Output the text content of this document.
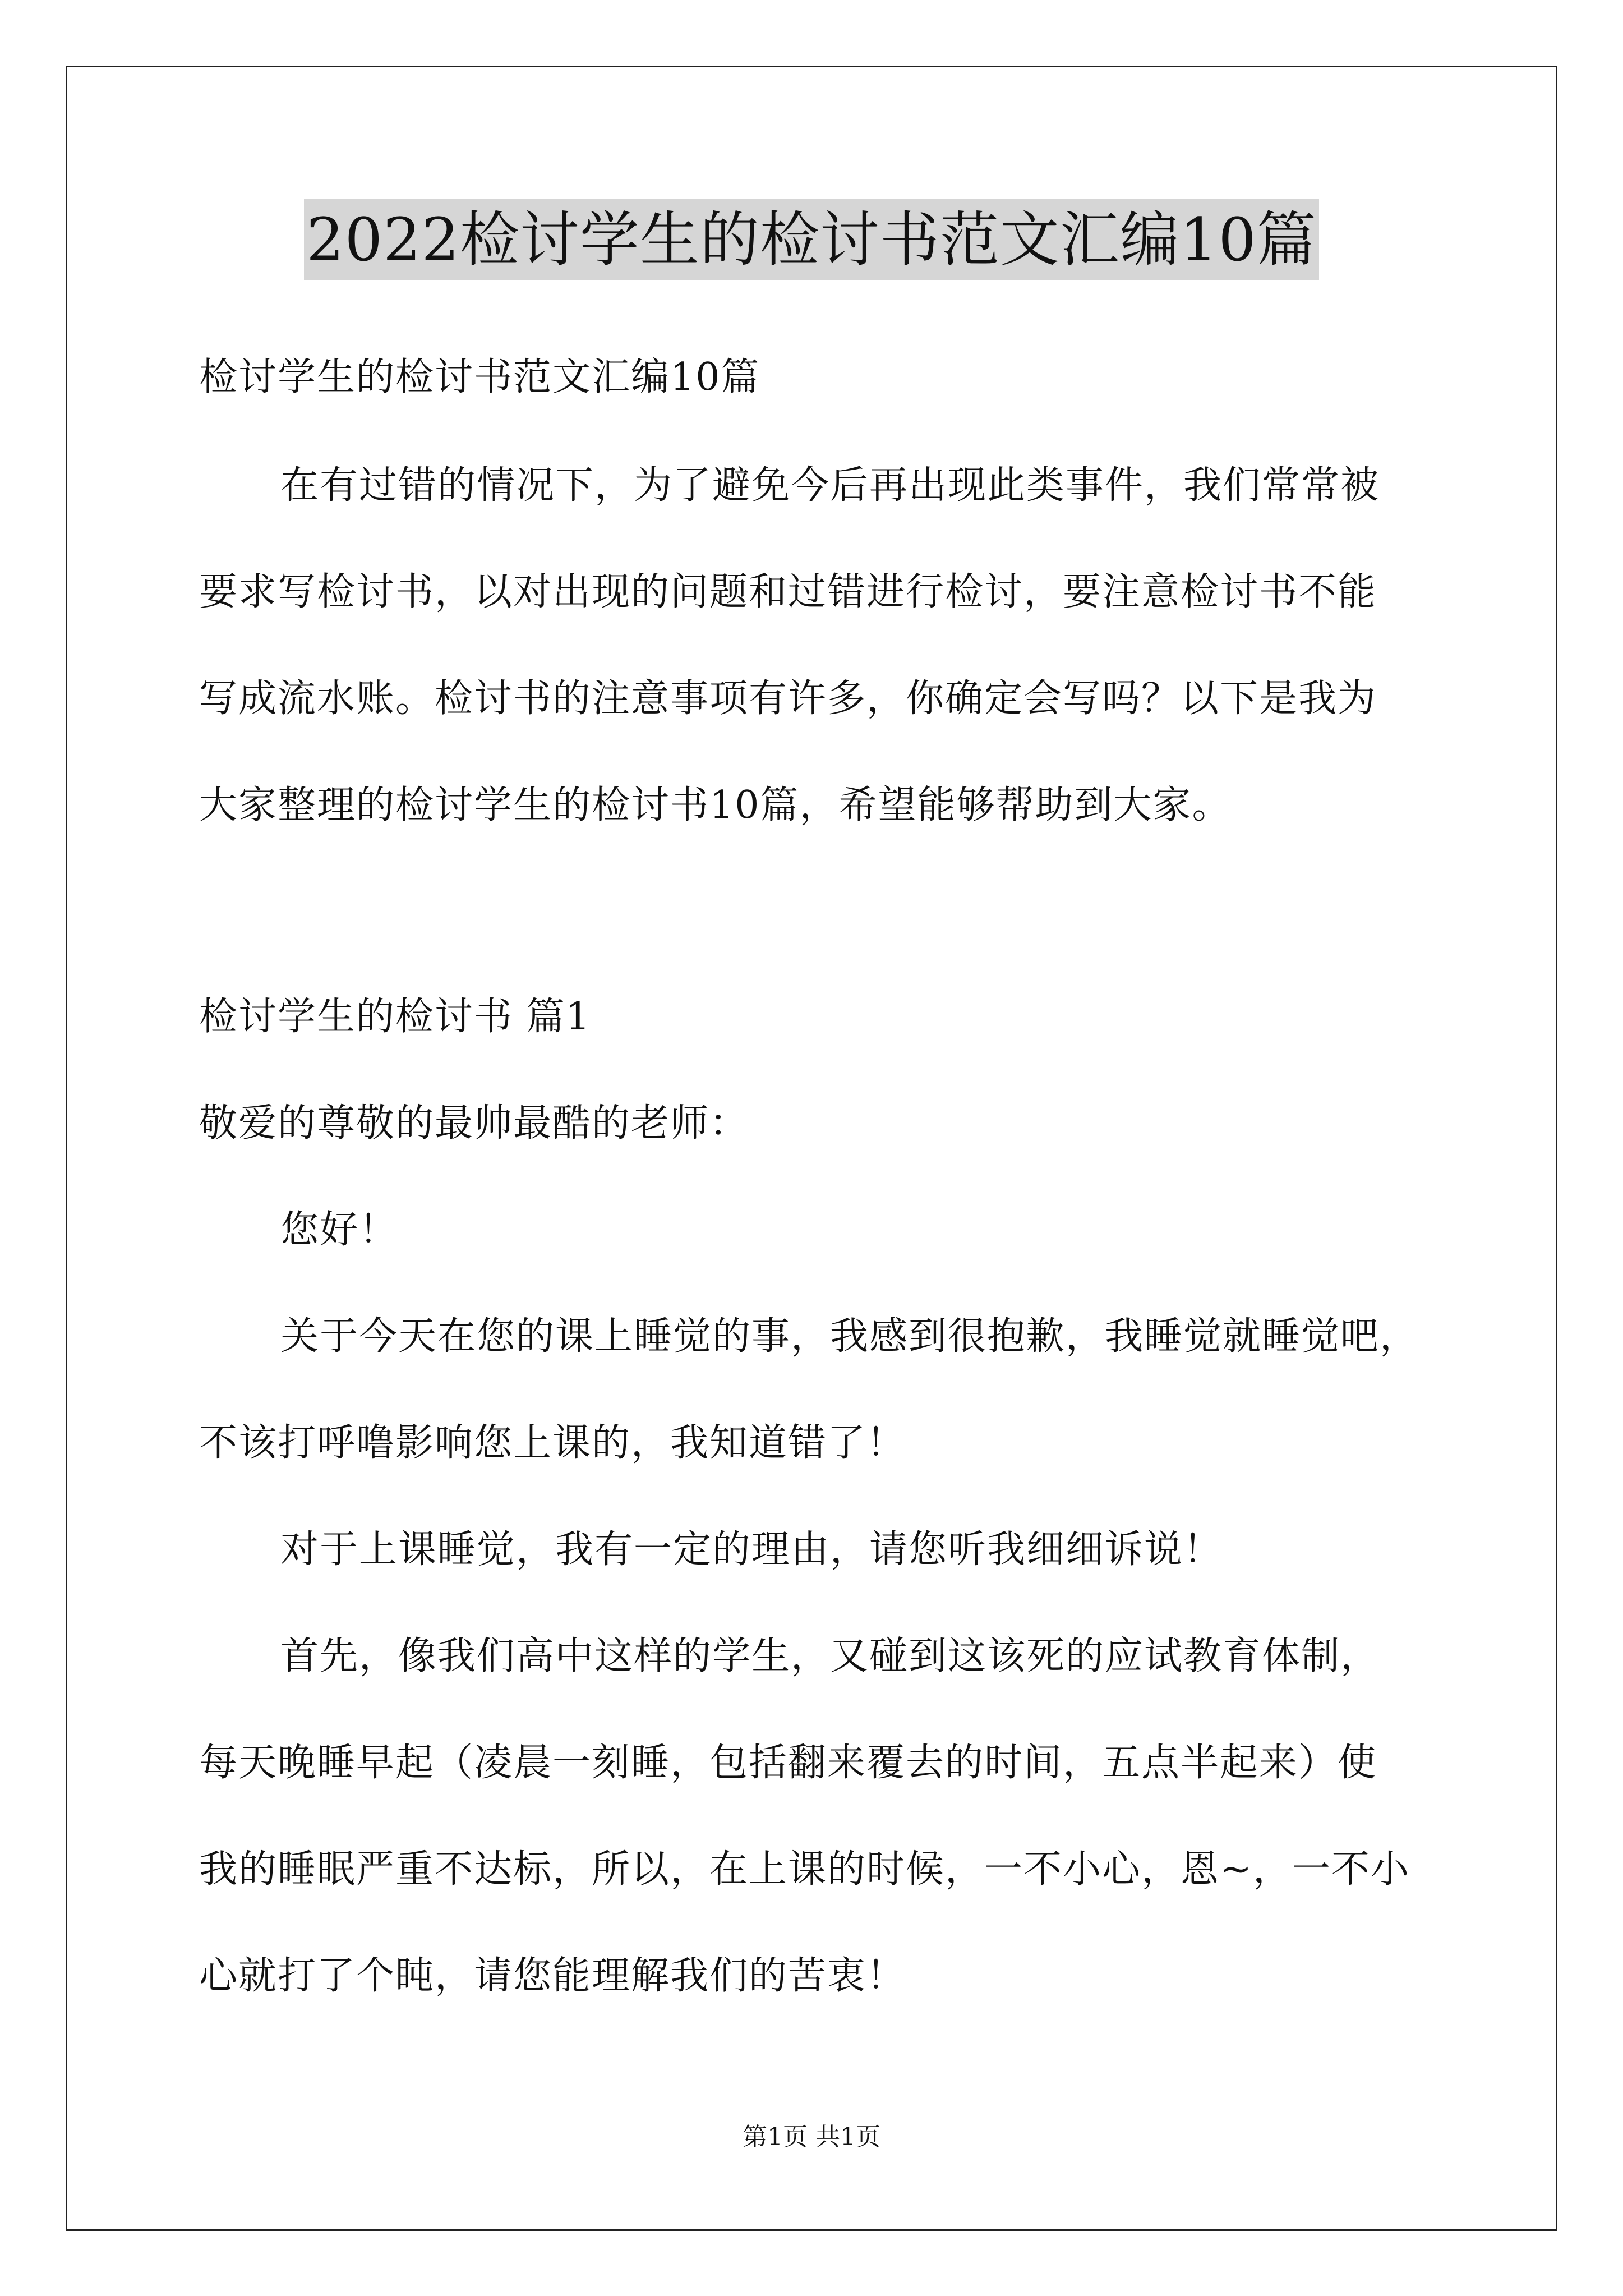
2022检讨学生的检讨书范文汇编10篇
检讨学生的检讨书范文汇编10篇
在有过错的情况下，为了避免今后再出现此类事件，我们常常被
要求写检讨书，以对出现的问题和过错进行检讨，要注意检讨书不能
写成流水账。检讨书的注意事项有许多，你确定会写吗？以下是我为
大家整理的检讨学生的检讨书10篇，希望能够帮助到大家。
检讨学生的检讨书 篇1
敬爱的尊敬的最帅最酷的老师：
您好！
关于今天在您的课上睡觉的事，我感到很抱歉，我睡觉就睡觉吧，
不该打呼噜影响您上课的，我知道错了！
对于上课睡觉，我有一定的理由，请您听我细细诉说！
首先，像我们高中这样的学生，又碰到这该死的应试教育体制，
每天晚睡早起（凌晨一刻睡，包括翻来覆去的时间，五点半起来）使
我的睡眠严重不达标，所以，在上课的时候，一不小心，恩~，一不小
心就打了个盹，请您能理解我们的苦衷！
第1页 共1页
